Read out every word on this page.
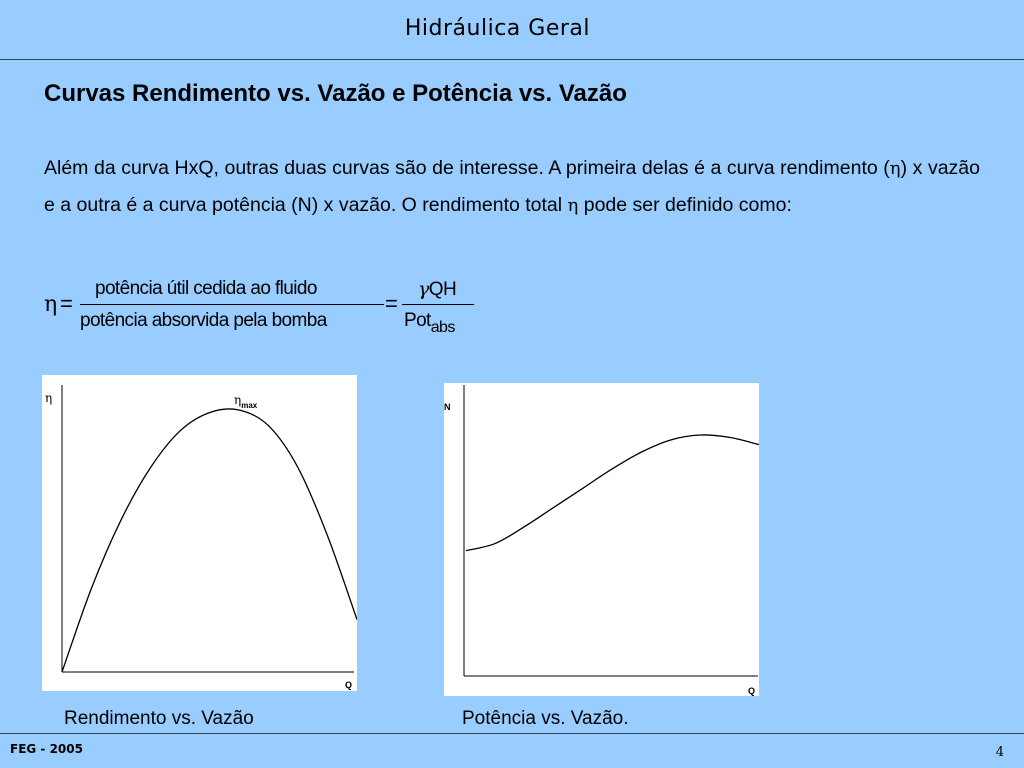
Hidráulica Geral
Curvas Rendimento vs. Vazão e Potência vs. Vazão
Além da curva HxQ, outras duas curvas são de interesse. A primeira delas é a curva rendimento (η) x vazão e a outra é a curva potência (N) x vazão. O rendimento total η pode ser definido como:
η =
potência útil cedida ao fluido
potência absorvida pela bomba
=
γQH
Pot$_{abs}$
η
Q
$\eta_{max}$
Rendimento vs. Vazão
N
Q
Potência vs. Vazão.
FEG - 2005	4
